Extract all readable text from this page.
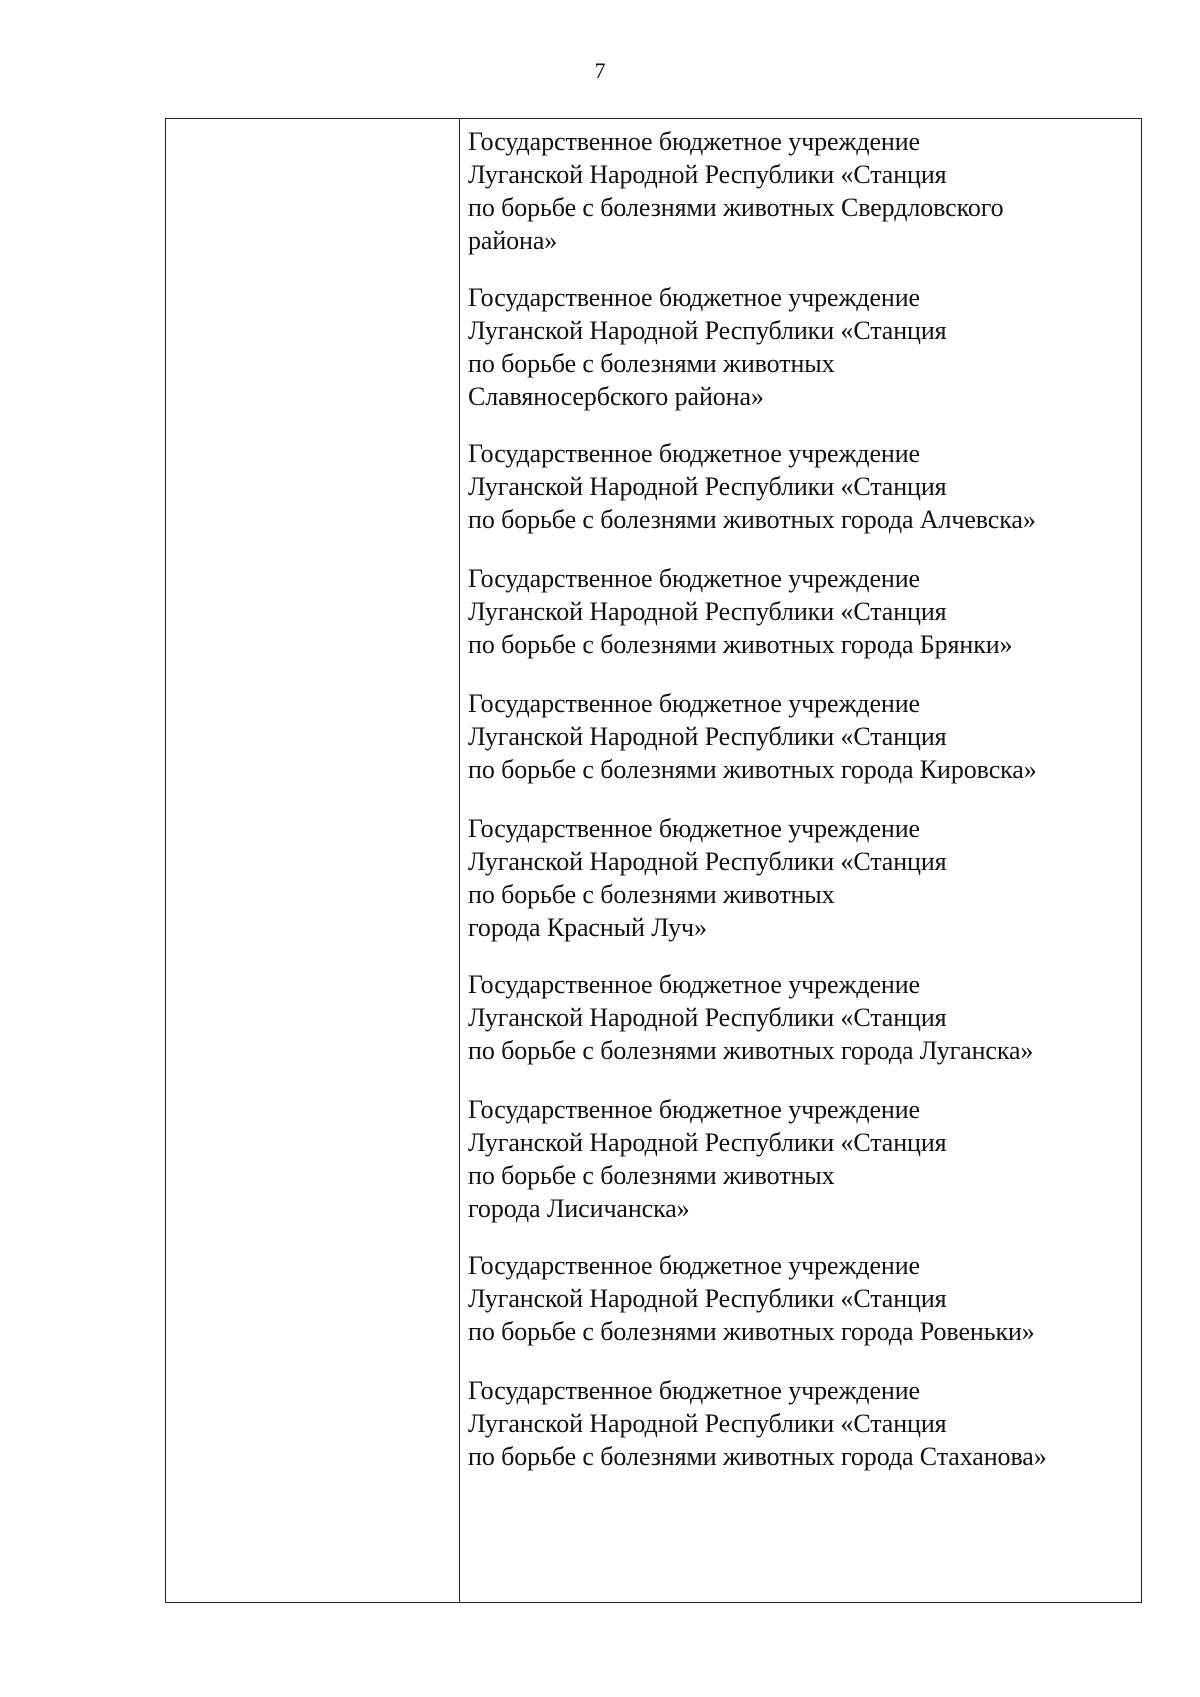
7
Государственное бюджетное учреждение
Луганской Народной Республики «Станция
по борьбе с болезнями животных Свердловского
района»
Государственное бюджетное учреждение
Луганской Народной Республики «Станция
по борьбе с болезнями животных
Славяносербского района»
Государственное бюджетное учреждение
Луганской Народной Республики «Станция
по борьбе с болезнями животных города Алчевска»
Государственное бюджетное учреждение
Луганской Народной Республики «Станция
по борьбе с болезнями животных города Брянки»
Государственное бюджетное учреждение
Луганской Народной Республики «Станция
по борьбе с болезнями животных города Кировска»
Государственное бюджетное учреждение
Луганской Народной Республики «Станция
по борьбе с болезнями животных
города Красный Луч»
Государственное бюджетное учреждение
Луганской Народной Республики «Станция
по борьбе с болезнями животных города Луганска»
Государственное бюджетное учреждение
Луганской Народной Республики «Станция
по борьбе с болезнями животных
города Лисичанска»
Государственное бюджетное учреждение
Луганской Народной Республики «Станция
по борьбе с болезнями животных города Ровеньки»
Государственное бюджетное учреждение
Луганской Народной Республики «Станция
по борьбе с болезнями животных города Стаханова»
